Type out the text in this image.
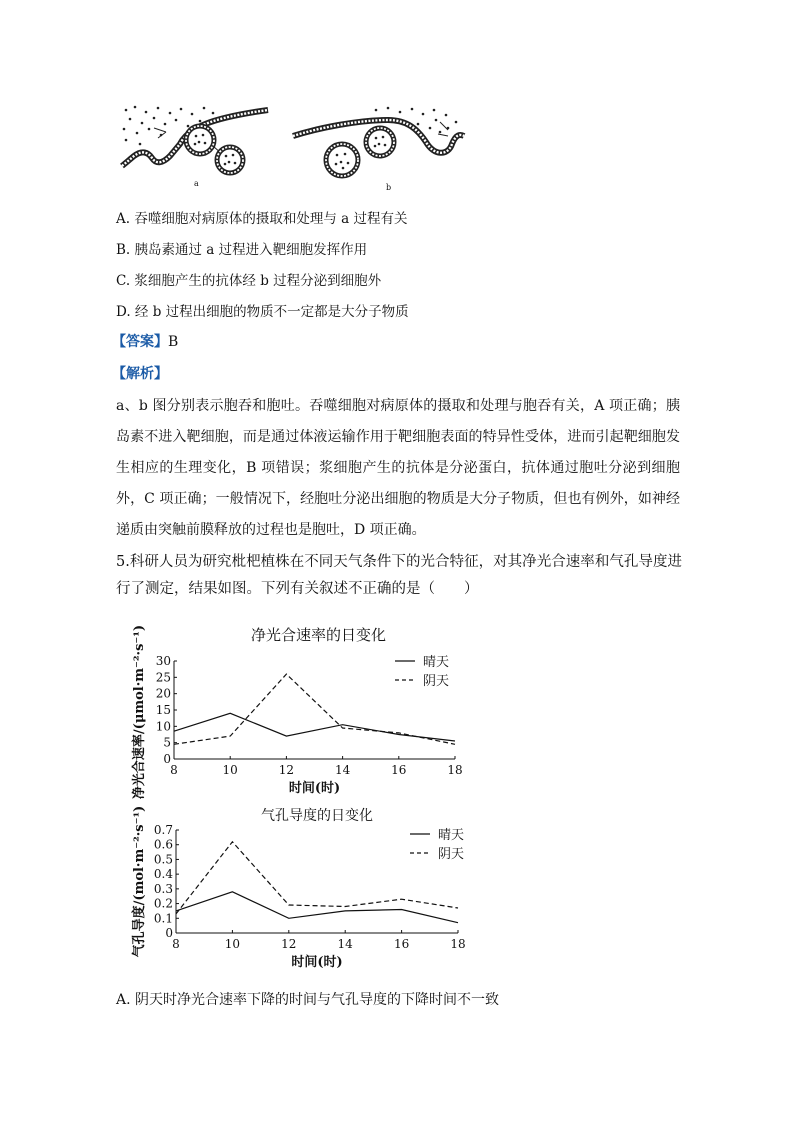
a	b
A. 吞噬细胞对病原体的摄取和处理与 a 过程有关
B. 胰岛素通过 a 过程进入靶细胞发挥作用
C. 浆细胞产生的抗体经 b 过程分泌到细胞外
D. 经 b 过程出细胞的物质不一定都是大分子物质
【答案】B
【解析】
a、b 图分别表示胞吞和胞吐。吞噬细胞对病原体的摄取和处理与胞吞有关，A 项正确；胰岛素不进入靶细胞，而是通过体液运输作用于靶细胞表面的特异性受体，进而引起靶细胞发生相应的生理变化，B 项错误；浆细胞产生的抗体是分泌蛋白，抗体通过胞吐分泌到细胞外，C 项正确；一般情况下，经胞吐分泌出细胞的物质是大分子物质，但也有例外，如神经递质由突触前膜释放的过程也是胞吐，D 项正确。
5.科研人员为研究枇杷植株在不同天气条件下的光合特征，对其净光合速率和气孔导度进行了测定，结果如图。下列有关叙述不正确的是（　　）
净光合速率的日变化
0
5
10
15
20
25
30
8	10	12	14	16	18
时间(时)
净光合速率/(μmol·m⁻²·s⁻¹)	晴天
阴天
气孔导度的日变化
0
0.1
0.2
0.3
0.4
0.5
0.6
0.7
8	10	12	14	16	18
时间(时)
气孔导度/(mol·m⁻²·s⁻¹)	晴天
阴天
A. 阴天时净光合速率下降的时间与气孔导度的下降时间不一致
